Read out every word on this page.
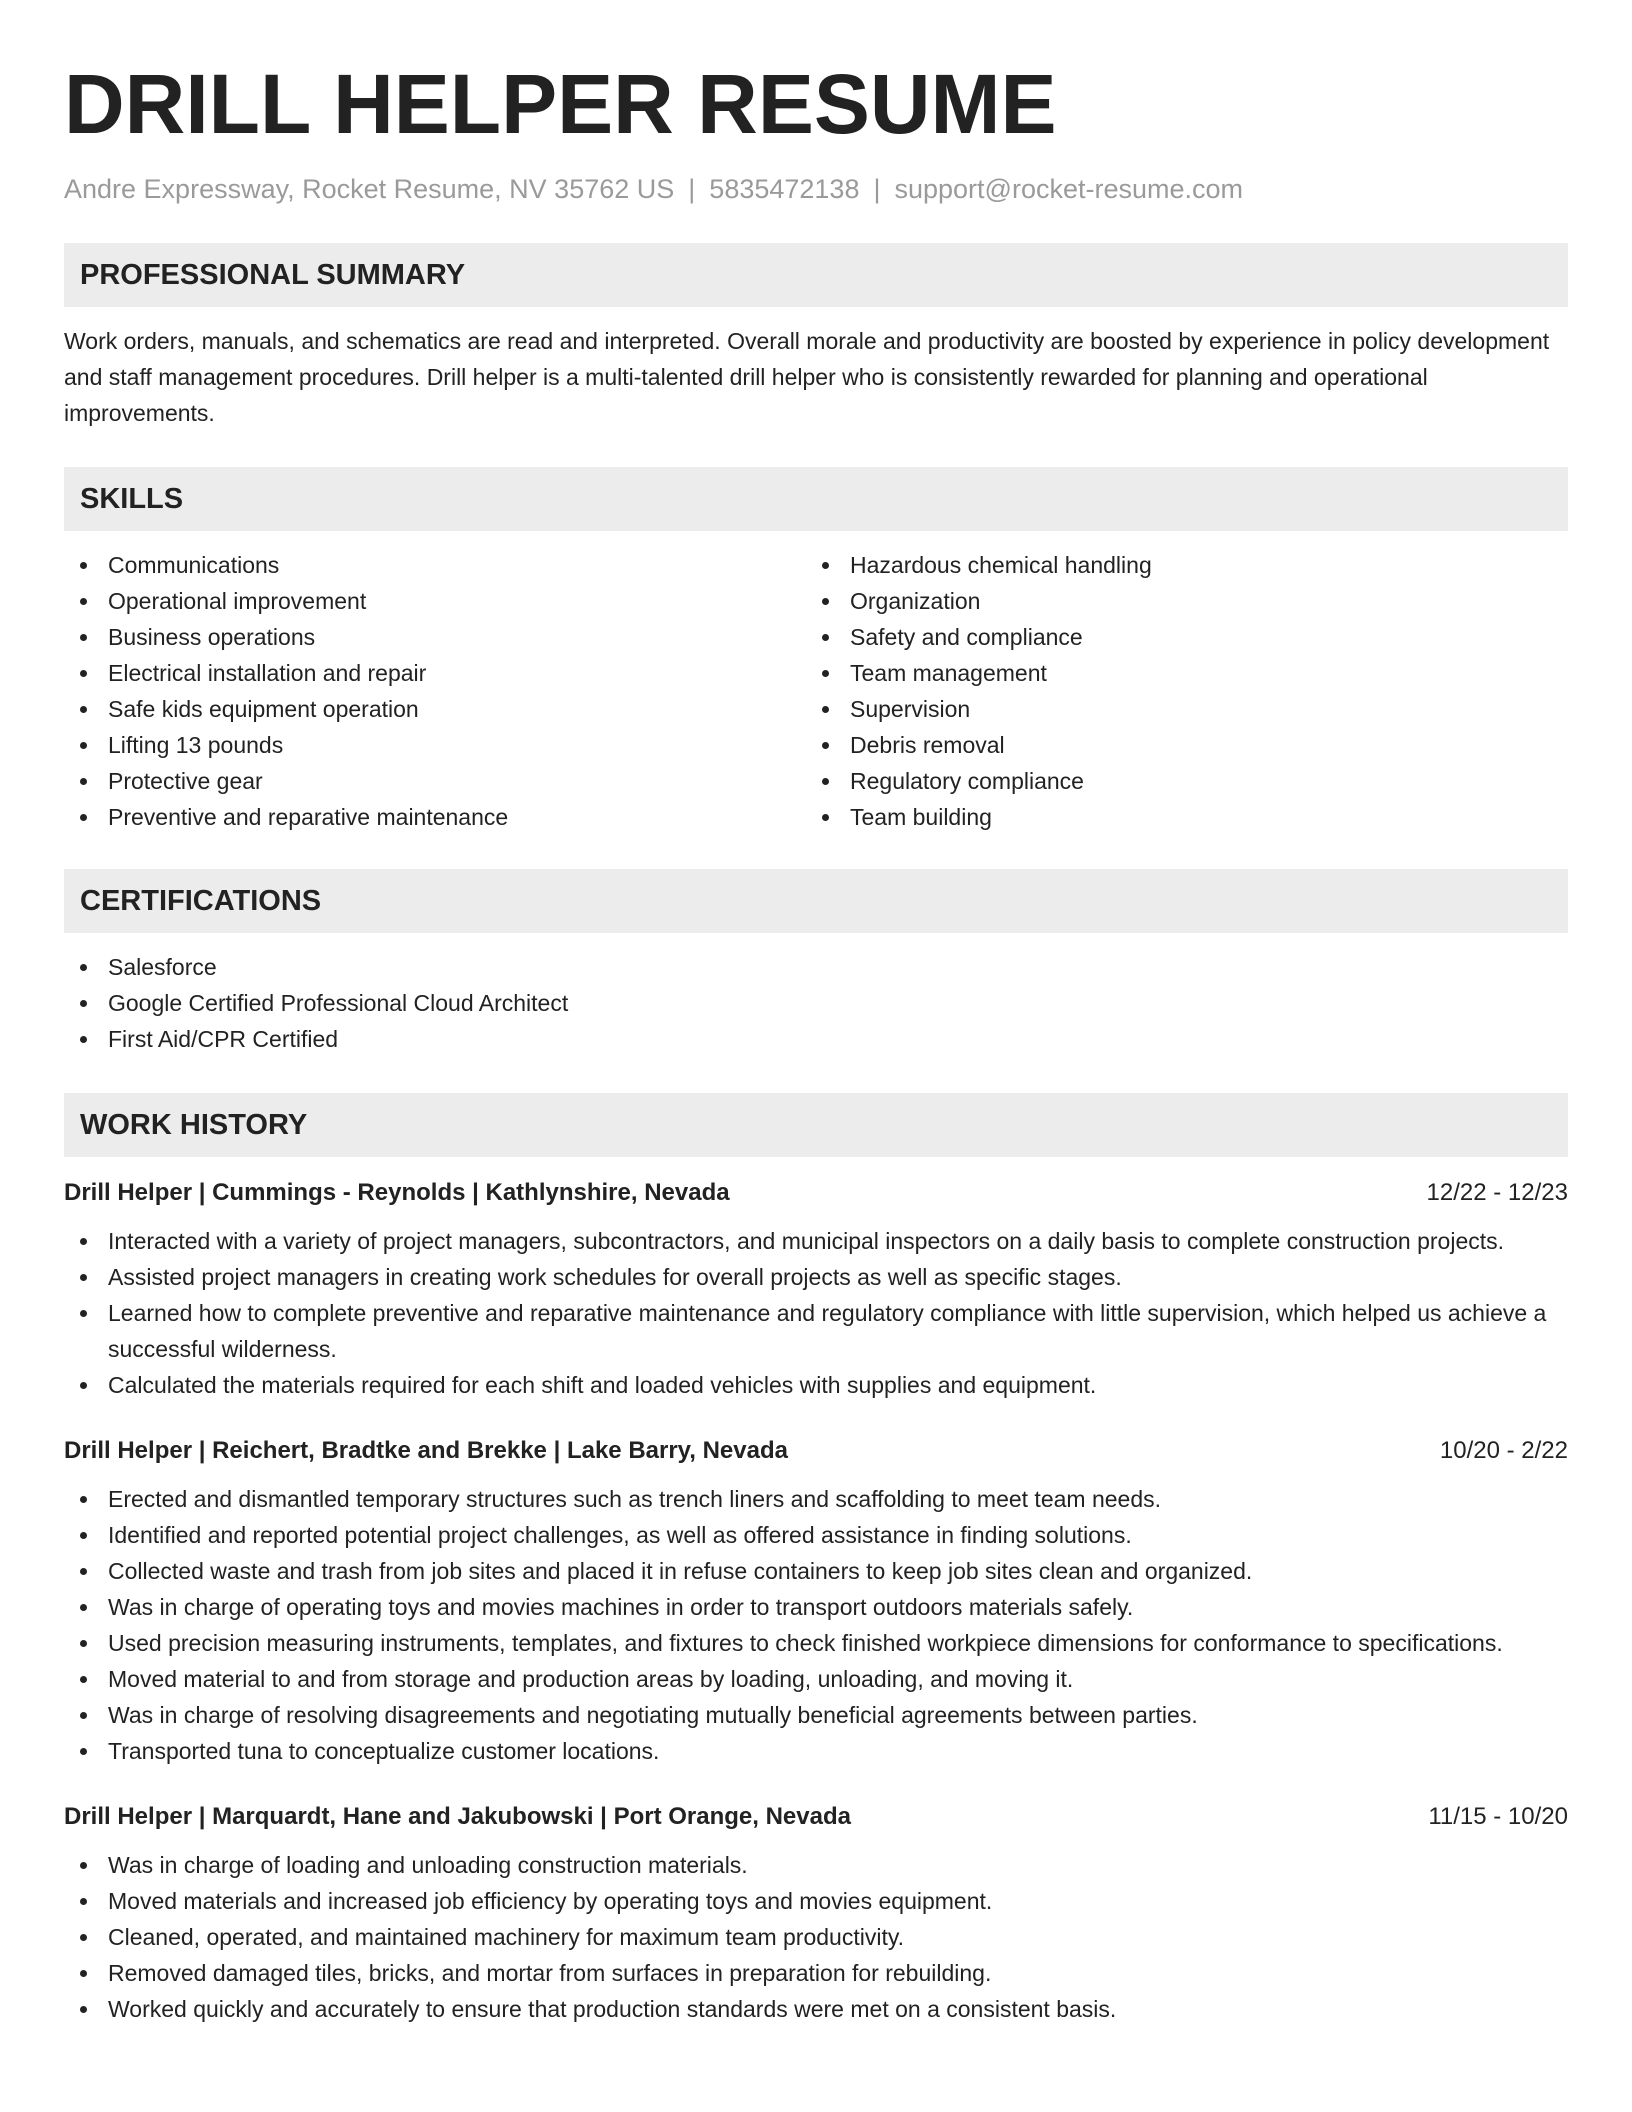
DRILL HELPER RESUME
Andre Expressway, Rocket Resume, NV 35762 US | 5835472138 | support@rocket-resume.com
PROFESSIONAL SUMMARY
Work orders, manuals, and schematics are read and interpreted. Overall morale and productivity are boosted by experience in policy development and staff management procedures. Drill helper is a multi-talented drill helper who is consistently rewarded for planning and operational improvements.
SKILLS
Communications
Operational improvement
Business operations
Electrical installation and repair
Safe kids equipment operation
Lifting 13 pounds
Protective gear
Preventive and reparative maintenance
Hazardous chemical handling
Organization
Safety and compliance
Team management
Supervision
Debris removal
Regulatory compliance
Team building
CERTIFICATIONS
Salesforce
Google Certified Professional Cloud Architect
First Aid/CPR Certified
WORK HISTORY
Drill Helper | Cummings - Reynolds | Kathlynshire, Nevada	12/22 - 12/23
Interacted with a variety of project managers, subcontractors, and municipal inspectors on a daily basis to complete construction projects.
Assisted project managers in creating work schedules for overall projects as well as specific stages.
Learned how to complete preventive and reparative maintenance and regulatory compliance with little supervision, which helped us achieve a successful wilderness.
Calculated the materials required for each shift and loaded vehicles with supplies and equipment.
Drill Helper | Reichert, Bradtke and Brekke | Lake Barry, Nevada	10/20 - 2/22
Erected and dismantled temporary structures such as trench liners and scaffolding to meet team needs.
Identified and reported potential project challenges, as well as offered assistance in finding solutions.
Collected waste and trash from job sites and placed it in refuse containers to keep job sites clean and organized.
Was in charge of operating toys and movies machines in order to transport outdoors materials safely.
Used precision measuring instruments, templates, and fixtures to check finished workpiece dimensions for conformance to specifications.
Moved material to and from storage and production areas by loading, unloading, and moving it.
Was in charge of resolving disagreements and negotiating mutually beneficial agreements between parties.
Transported tuna to conceptualize customer locations.
Drill Helper | Marquardt, Hane and Jakubowski | Port Orange, Nevada	11/15 - 10/20
Was in charge of loading and unloading construction materials.
Moved materials and increased job efficiency by operating toys and movies equipment.
Cleaned, operated, and maintained machinery for maximum team productivity.
Removed damaged tiles, bricks, and mortar from surfaces in preparation for rebuilding.
Worked quickly and accurately to ensure that production standards were met on a consistent basis.
